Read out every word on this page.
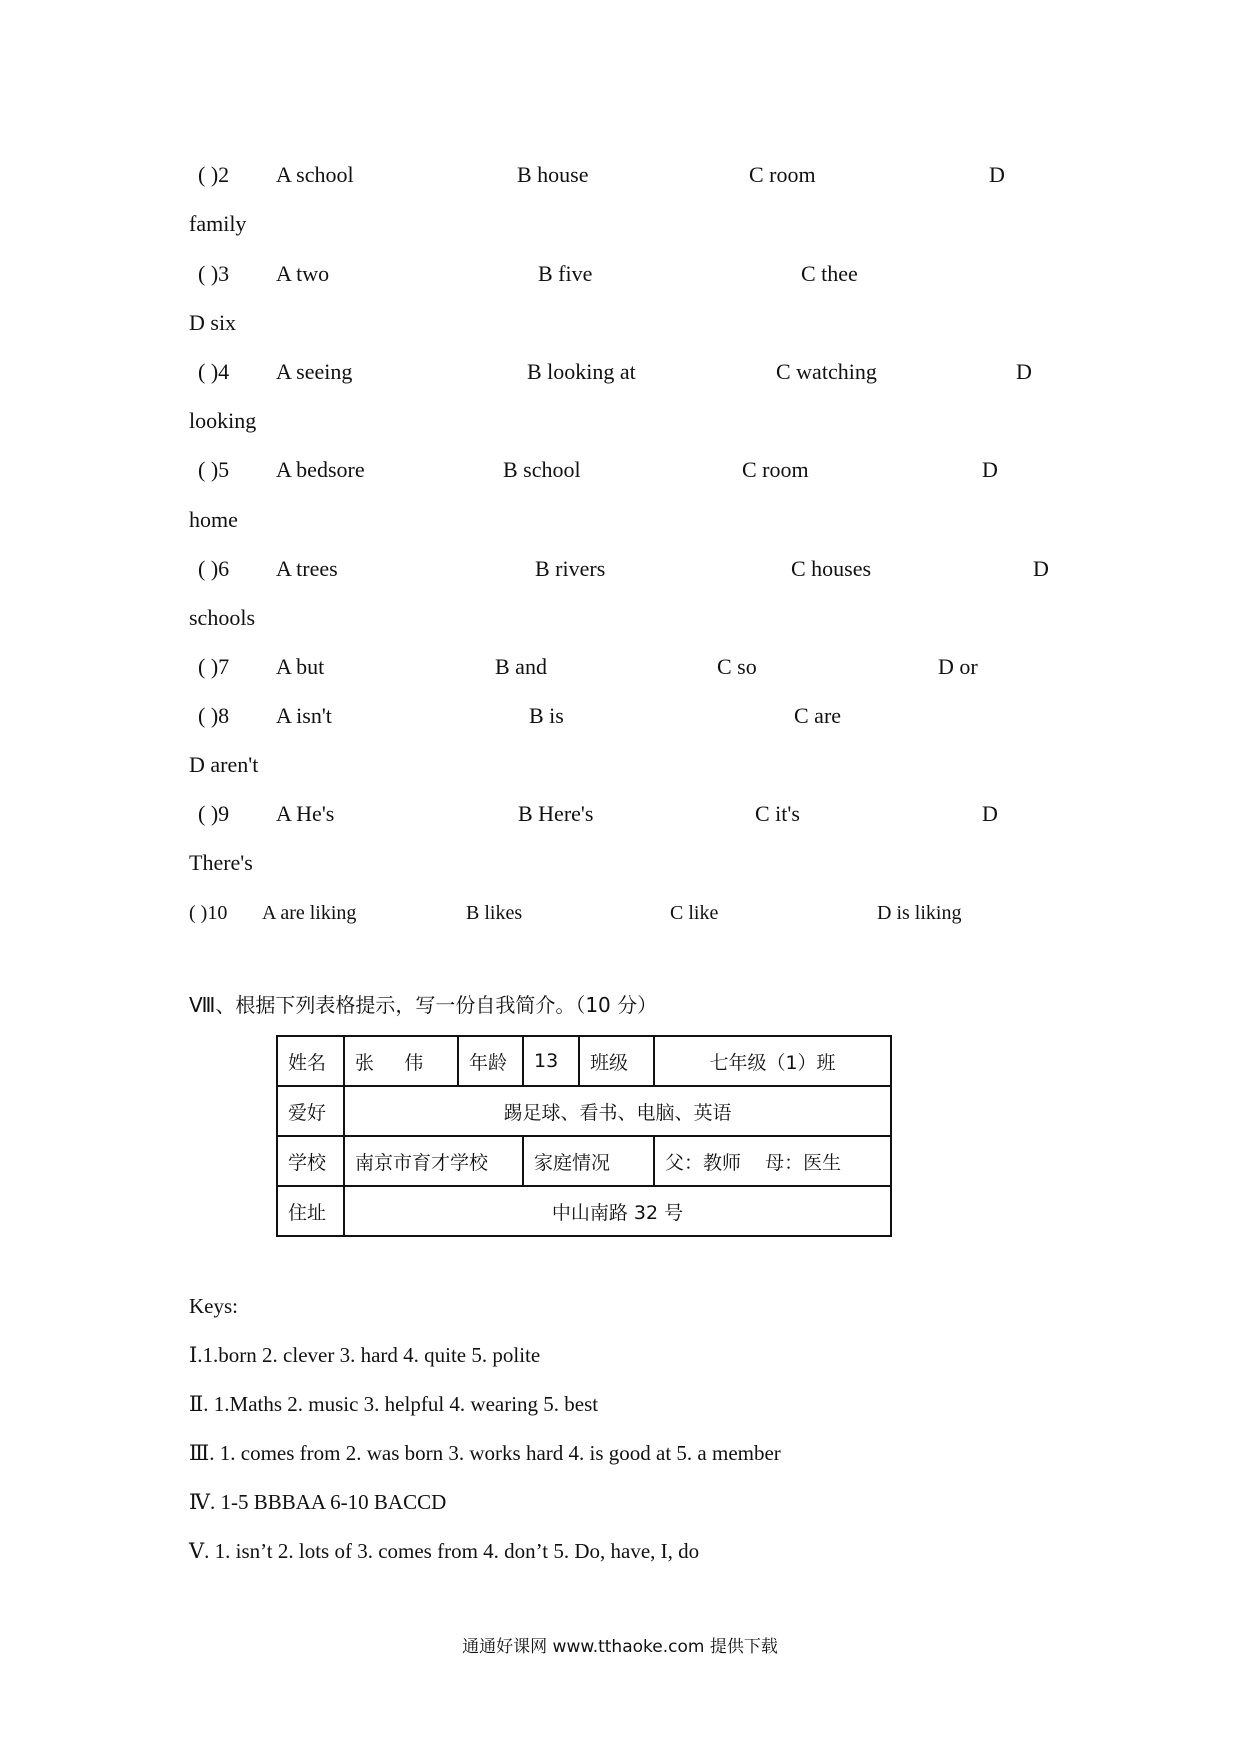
( )2 A school	B house	C room	D
family
( )3 A two	B five	C thee
D six
( )4 A seeing	B looking at	C watching	D
looking
( )5 A bedsore	B school	C room	D
home
( )6 A trees	B rivers	C houses	D
schools
( )7 A but	B and	C so	D or
( )8 A isn't	B is	C are
D aren't
( )9 A He's	B Here's	C it's	D
There's
( )10 A are liking	B likes	C like	D is liking
Ⅷ、根据下列表格提示，写一份自我简介。（10 分）
姓名	张     伟	年龄	13	班级	七年级（1）班
爱好	踢足球、看书、电脑、英语				
学校	南京市育才学校		家庭情况		父：教师    母：医生
住址	中山南路 32 号				
Keys:
Ⅰ.1.born 2. clever 3. hard 4. quite 5. polite
Ⅱ. 1.Maths 2. music 3. helpful 4. wearing 5. best
Ⅲ. 1. comes from 2. was born 3. works hard 4. is good at 5. a member
Ⅳ. 1-5 BBBAA 6-10 BACCD
Ⅴ. 1. isn’t 2. lots of 3. comes from 4. don’t 5. Do, have, I, do
通通好课网 www.tthaoke.com 提供下载
